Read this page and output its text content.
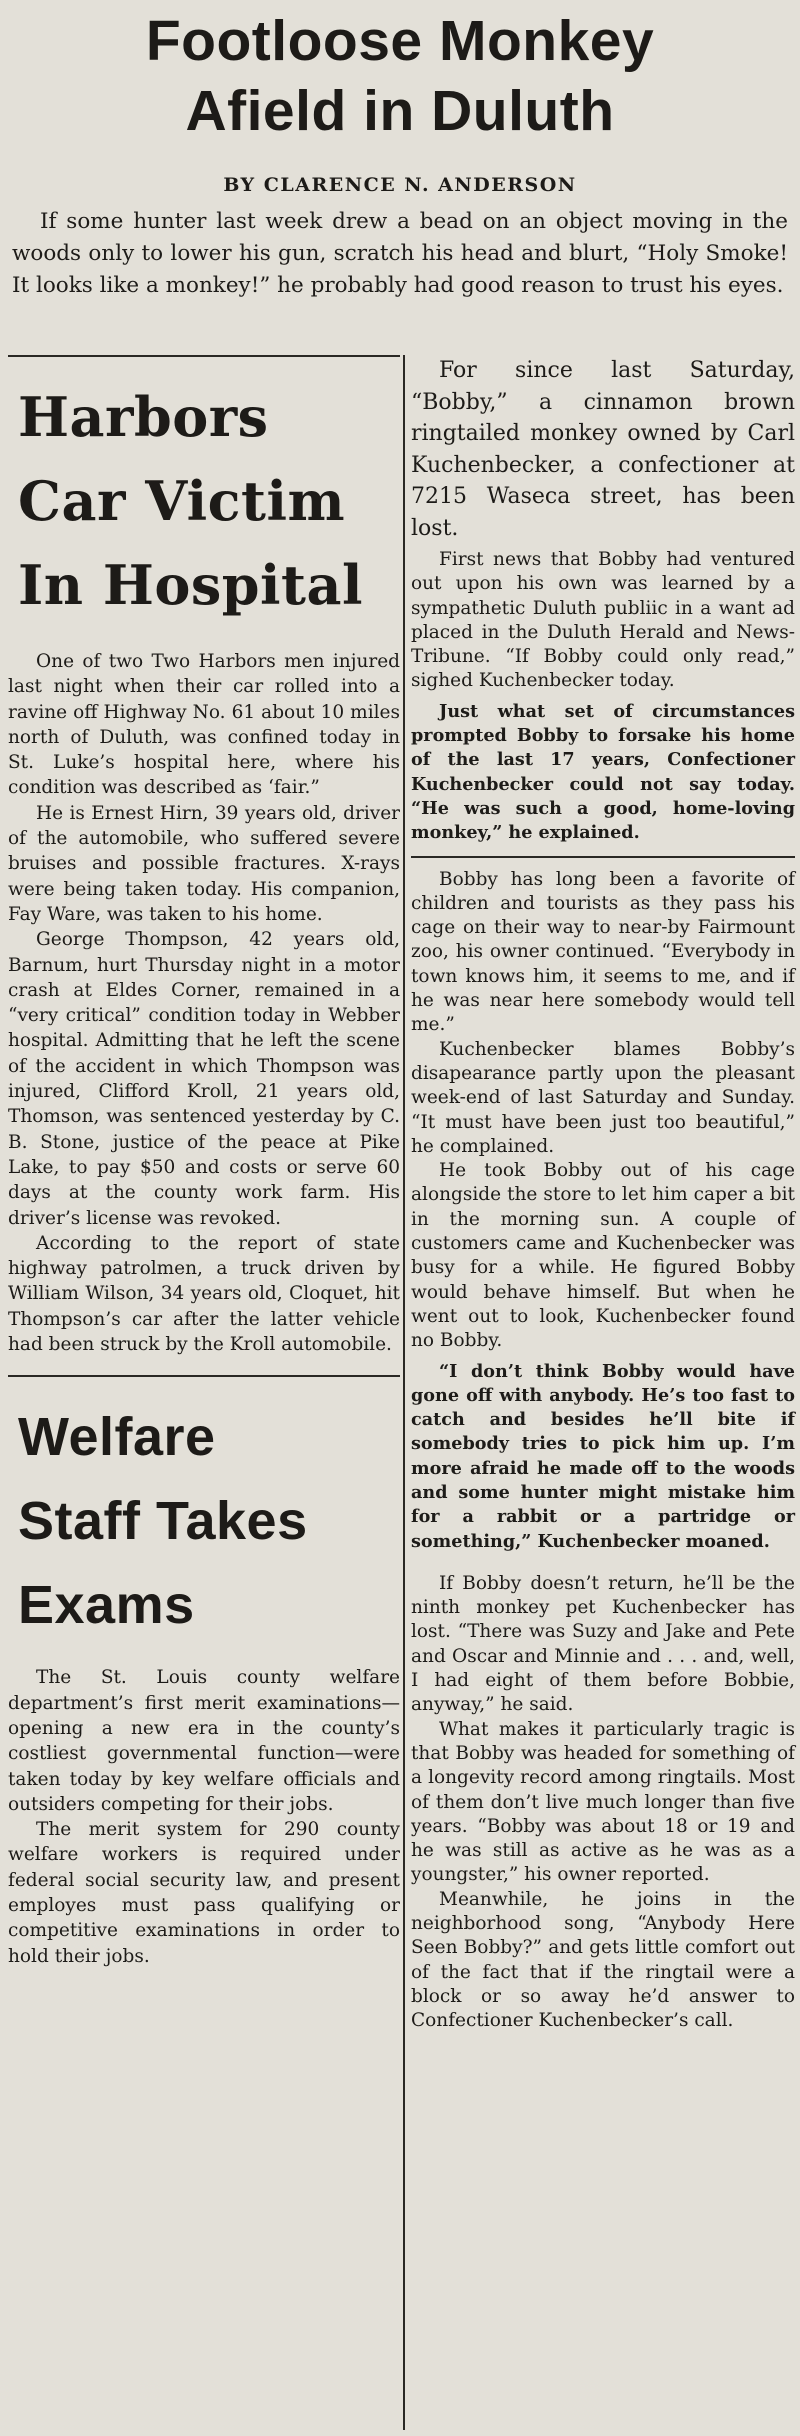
Footloose Monkey
Afield in Duluth
BY CLARENCE N. ANDERSON

If some hunter last week drew a bead on an object moving in the woods only to lower his gun, scratch his head and blurt, “Holy Smoke! It looks like a monkey!” he probably had good reason to trust his eyes.

Harbors
Car Victim
In Hospital

One of two Two Harbors men injured last night when their car rolled into a ravine off Highway No. 61 about 10 miles north of Duluth, was confined today in St. Luke’s hospital here, where his condition was described as ‘fair.”

He is Ernest Hirn, 39 years old, driver of the automobile, who suffered severe bruises and possible fractures. X-rays were being taken today. His companion, Fay Ware, was taken to his home.

George Thompson, 42 years old, Barnum, hurt Thursday night in a motor crash at Eldes Corner, remained in a “very critical” condition today in Webber hospital. Admitting that he left the scene of the accident in which Thompson was injured, Clifford Kroll, 21 years old, Thomson, was sentenced yesterday by C. B. Stone, justice of the peace at Pike Lake, to pay $50 and costs or serve 60 days at the county work farm. His driver’s license was revoked.

According to the report of state highway patrolmen, a truck driven by William Wilson, 34 years old, Cloquet, hit Thompson’s car after the latter vehicle had been struck by the Kroll automobile.

Welfare
Staff Takes
Exams

The St. Louis county welfare department’s first merit examinations—opening a new era in the county’s costliest governmental function—were taken today by key welfare officials and outsiders competing for their jobs.

The merit system for 290 county welfare workers is required under federal social security law, and present employes must pass qualifying or competitive examinations in order to hold their jobs.

For since last Saturday, “Bobby,” a cinnamon brown ringtailed monkey owned by Carl Kuchenbecker, a confectioner at 7215 Waseca street, has been lost.

First news that Bobby had ventured out upon his own was learned by a sympathetic Duluth publiic in a want ad placed in the Duluth Herald and News-Tribune. “If Bobby could only read,” sighed Kuchenbecker today.

Just what set of circumstances prompted Bobby to forsake his home of the last 17 years, Confectioner Kuchenbecker could not say today. “He was such a good, home-loving monkey,” he explained.

Bobby has long been a favorite of children and tourists as they pass his cage on their way to near-by Fairmount zoo, his owner continued. “Everybody in town knows him, it seems to me, and if he was near here somebody would tell me.”

Kuchenbecker blames Bobby’s disapearance partly upon the pleasant week-end of last Saturday and Sunday. “It must have been just too beautiful,” he complained.

He took Bobby out of his cage alongside the store to let him caper a bit in the morning sun. A couple of customers came and Kuchenbecker was busy for a while. He figured Bobby would behave himself. But when he went out to look, Kuchenbecker found no Bobby.

“I don’t think Bobby would have gone off with anybody. He’s too fast to catch and besides he’ll bite if somebody tries to pick him up. I’m more afraid he made off to the woods and some hunter might mistake him for a rabbit or a partridge or something,” Kuchenbecker moaned.

If Bobby doesn’t return, he’ll be the ninth monkey pet Kuchenbecker has lost. “There was Suzy and Jake and Pete and Oscar and Minnie and . . . and, well, I had eight of them before Bobbie, anyway,” he said.

What makes it particularly tragic is that Bobby was headed for something of a longevity record among ringtails. Most of them don’t live much longer than five years. “Bobby was about 18 or 19 and he was still as active as he was as a youngster,” his owner reported.

Meanwhile, he joins in the neighborhood song, “Anybody Here Seen Bobby?” and gets little comfort out of the fact that if the ringtail were a block or so away he’d answer to Confectioner Kuchenbecker’s call.
